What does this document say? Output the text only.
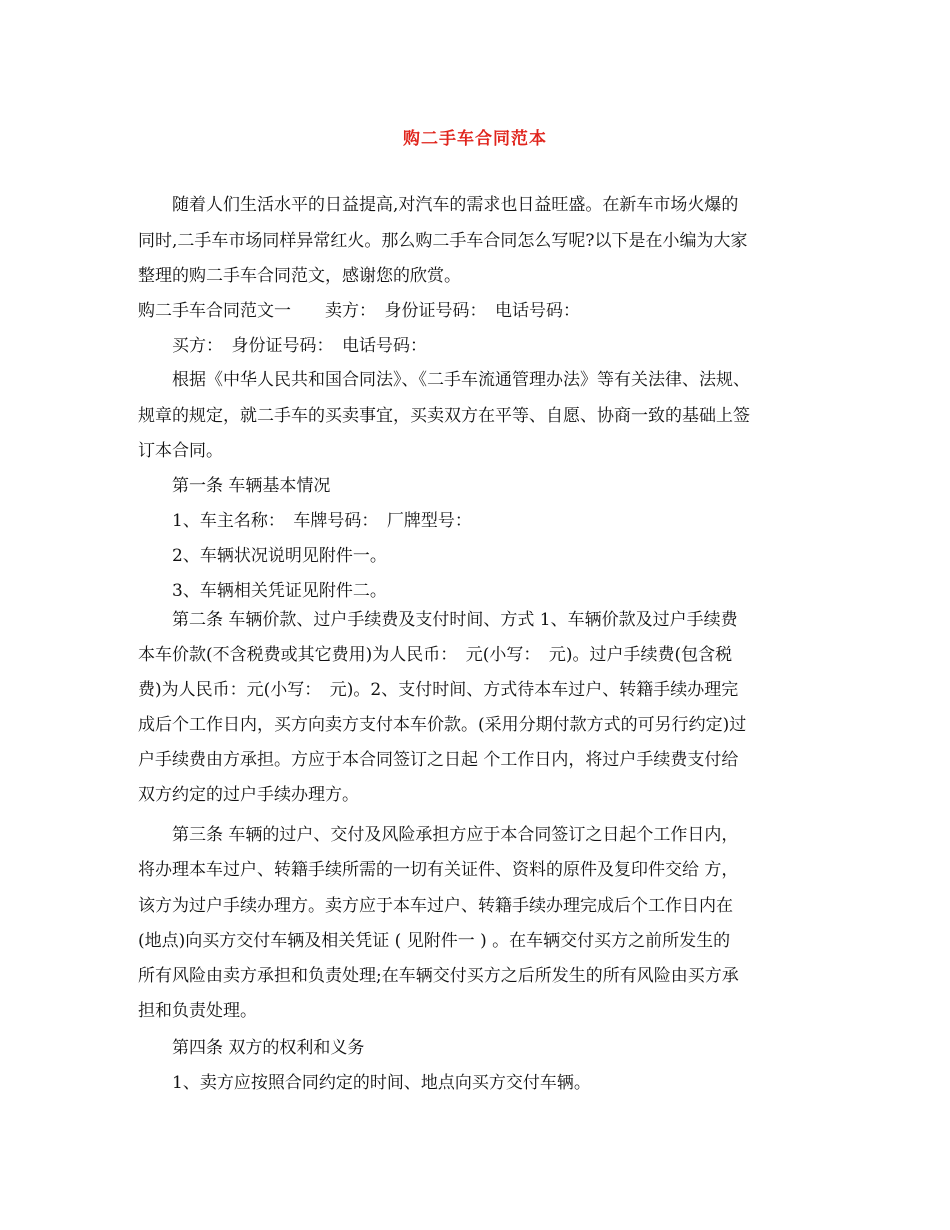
购二手车合同范本
　　随着人们生活水平的日益提高,对汽车的需求也日益旺盛。在新车市场火爆的
同时,二手车市场同样异常红火。那么购二手车合同怎么写呢?以下是在小编为大家
整理的购二手车合同范文，感谢您的欣赏。
购二手车合同范文一　　卖方：　身份证号码：　电话号码：
　　买方：　身份证号码：　电话号码：
　　根据《中华人民共和国合同法》、《二手车流通管理办法》等有关法律、法规、
规章的规定，就二手车的买卖事宜，买卖双方在平等、自愿、协商一致的基础上签
订本合同。
　　第一条 车辆基本情况
　　1、车主名称：　车牌号码：　厂牌型号：
　　2、车辆状况说明见附件一。
　　3、车辆相关凭证见附件二。
　　第二条 车辆价款、过户手续费及支付时间、方式 1、车辆价款及过户手续费
本车价款(不含税费或其它费用)为人民币：　元(小写：　元)。过户手续费(包含税
费)为人民币：元(小写：　元)。2、支付时间、方式待本车过户、转籍手续办理完
成后个工作日内，买方向卖方支付本车价款。(采用分期付款方式的可另行约定)过
户手续费由方承担。方应于本合同签订之日起 个工作日内，将过户手续费支付给
双方约定的过户手续办理方。
　　第三条 车辆的过户、交付及风险承担方应于本合同签订之日起个工作日内，
将办理本车过户、转籍手续所需的一切有关证件、资料的原件及复印件交给 方，
该方为过户手续办理方。卖方应于本车过户、转籍手续办理完成后个工作日内在
(地点)向买方交付车辆及相关凭证 ( 见附件一 ) 。在车辆交付买方之前所发生的
所有风险由卖方承担和负责处理;在车辆交付买方之后所发生的所有风险由买方承
担和负责处理。
　　第四条 双方的权利和义务
　　1、卖方应按照合同约定的时间、地点向买方交付车辆。
